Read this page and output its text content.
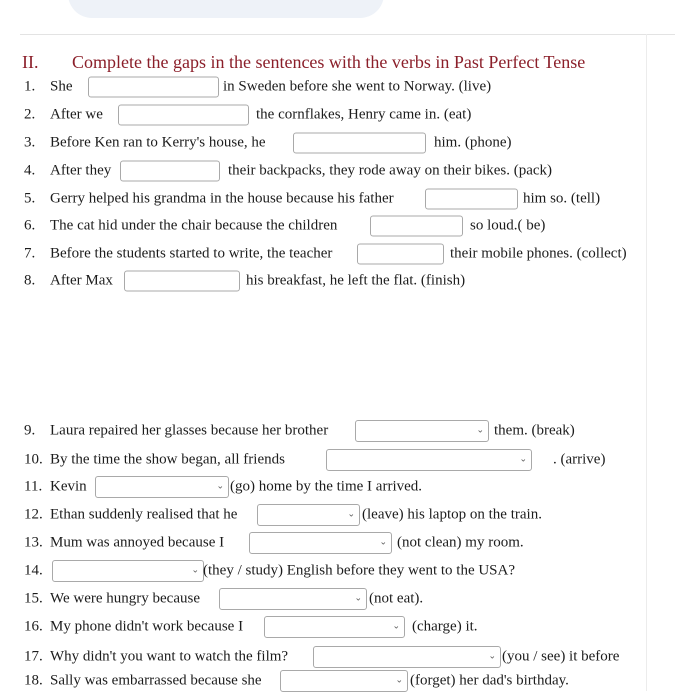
II. Complete the gaps in the sentences with the verbs in Past Perfect Tense
1. She	in Sweden before she went to Norway. (live)
2. After we	the cornflakes, Henry came in. (eat)
3. Before Ken ran to Kerry's house, he	him. (phone)
4. After they	their backpacks, they rode away on their bikes. (pack)
5. Gerry helped his grandma in the house because his father	him so. (tell)
6. The cat hid under the chair because the children	so loud.( be)
7. Before the students started to write, the teacher	their mobile phones. (collect)
8. After Max	his breakfast, he left the flat. (finish)
9. Laura repaired her glasses because her brother	⌄ them. (break)
10. By the time the show began, all friends	⌄ . (arrive)
11. Kevin	⌄ (go) home by the time I arrived.
12. Ethan suddenly realised that he	⌄ (leave) his laptop on the train.
13. Mum was annoyed because I	⌄ (not clean) my room.
14.	⌄ (they / study) English before they went to the USA?
15. We were hungry because	⌄ (not eat).
16. My phone didn't work because I	⌄ (charge) it.
17. Why didn't you want to watch the film?	⌄ (you / see) it before
18. Sally was embarrassed because she	⌄ (forget) her dad's birthday.
